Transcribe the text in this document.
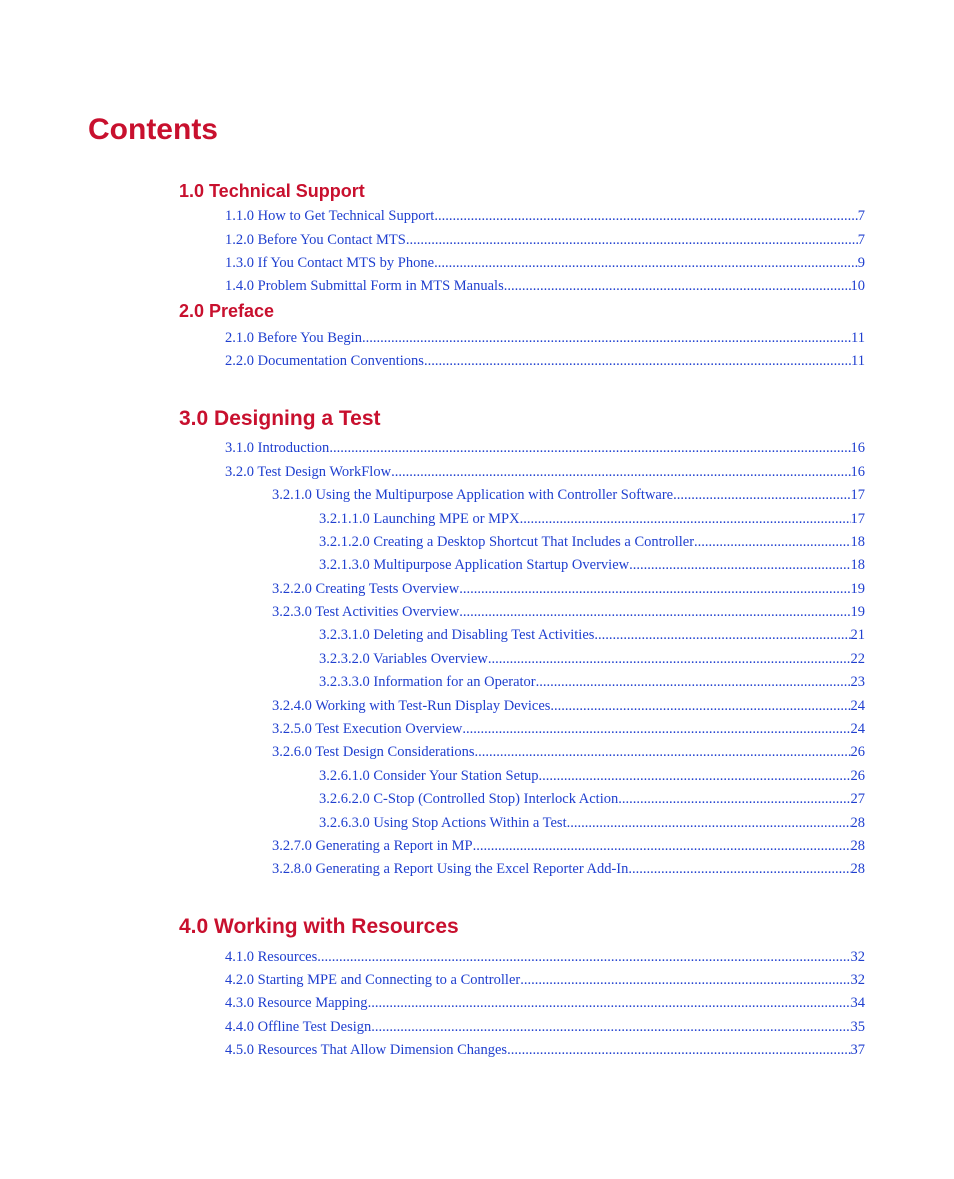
Contents
1.0 Technical Support
1.1.0 How to Get Technical Support .....	7
1.2.0 Before You Contact MTS .....	7
1.3.0 If You Contact MTS by Phone .....	9
1.4.0 Problem Submittal Form in MTS Manuals .....	10
2.0 Preface
2.1.0 Before You Begin .....	11
2.2.0 Documentation Conventions .....	11
3.0 Designing a Test
3.1.0 Introduction .....	16
3.2.0 Test Design WorkFlow .....	16
3.2.1.0 Using the Multipurpose Application with Controller Software .....	17
3.2.1.1.0 Launching MPE or MPX .....	17
3.2.1.2.0 Creating a Desktop Shortcut That Includes a Controller .....	18
3.2.1.3.0 Multipurpose Application Startup Overview .....	18
3.2.2.0 Creating Tests Overview .....	19
3.2.3.0 Test Activities Overview .....	19
3.2.3.1.0 Deleting and Disabling Test Activities .....	21
3.2.3.2.0 Variables Overview .....	22
3.2.3.3.0 Information for an Operator .....	23
3.2.4.0 Working with Test-Run Display Devices .....	24
3.2.5.0 Test Execution Overview .....	24
3.2.6.0 Test Design Considerations .....	26
3.2.6.1.0 Consider Your Station Setup .....	26
3.2.6.2.0 C-Stop (Controlled Stop) Interlock Action .....	27
3.2.6.3.0 Using Stop Actions Within a Test .....	28
3.2.7.0 Generating a Report in MP .....	28
3.2.8.0 Generating a Report Using the Excel Reporter Add-In .....	28
4.0 Working with Resources
4.1.0 Resources .....	32
4.2.0 Starting MPE and Connecting to a Controller .....	32
4.3.0 Resource Mapping .....	34
4.4.0 Offline Test Design .....	35
4.5.0 Resources That Allow Dimension Changes .....	37
